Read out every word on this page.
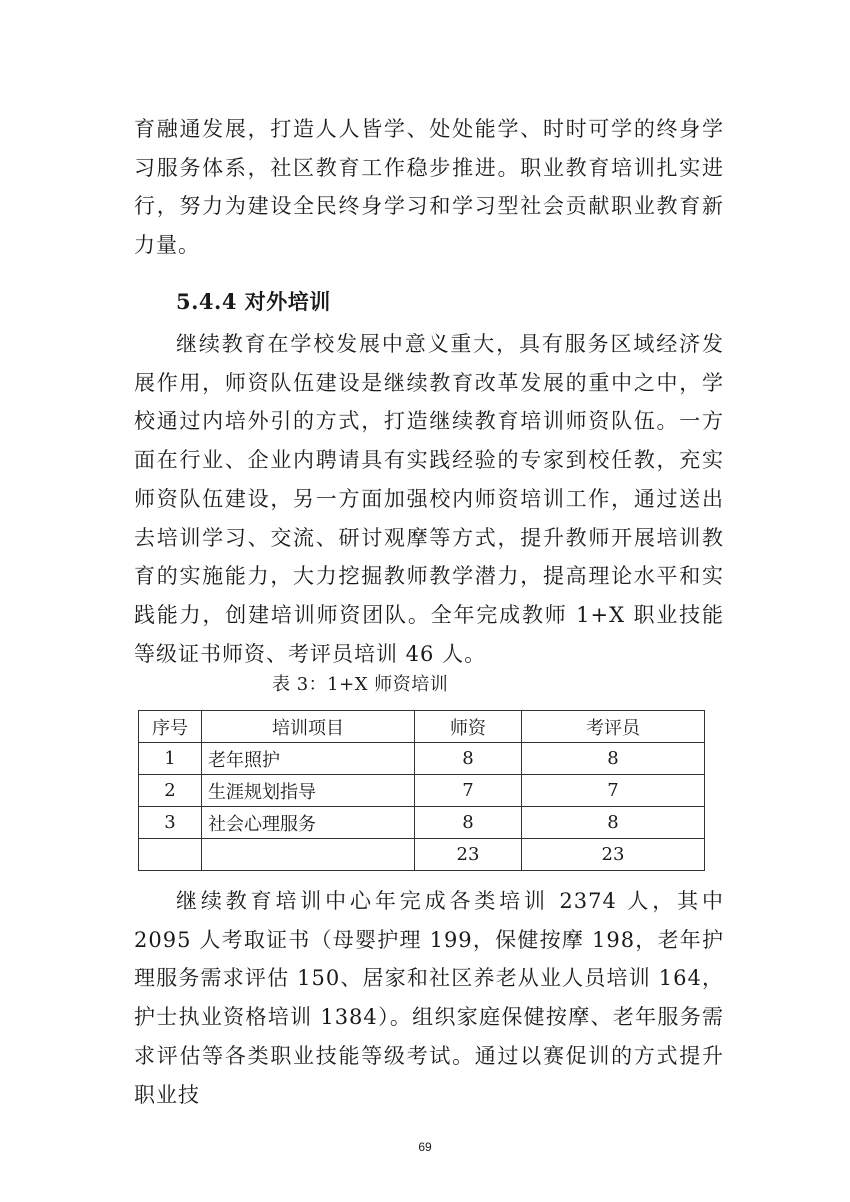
育融通发展，打造人人皆学、处处能学、时时可学的终身学习服务体系，社区教育工作稳步推进。职业教育培训扎实进行，努力为建设全民终身学习和学习型社会贡献职业教育新力量。

5.4.4 对外培训

继续教育在学校发展中意义重大，具有服务区域经济发展作用，师资队伍建设是继续教育改革发展的重中之中，学校通过内培外引的方式，打造继续教育培训师资队伍。一方面在行业、企业内聘请具有实践经验的专家到校任教，充实师资队伍建设，另一方面加强校内师资培训工作，通过送出去培训学习、交流、研讨观摩等方式，提升教师开展培训教育的实施能力，大力挖掘教师教学潜力，提高理论水平和实践能力，创建培训师资团队。全年完成教师 1+X 职业技能等级证书师资、考评员培训 46 人。

表 3：1+X 师资培训

序号	培训项目	师资	考评员
1	老年照护	8	8
2	生涯规划指导	7	7
3	社会心理服务	8	8
		23	23

继续教育培训中心年完成各类培训 2374 人，其中 2095 人考取证书（母婴护理 199，保健按摩 198，老年护理服务需求评估 150、居家和社区养老从业人员培训 164，护士执业资格培训 1384）。组织家庭保健按摩、老年服务需求评估等各类职业技能等级考试。通过以赛促训的方式提升职业技

69
